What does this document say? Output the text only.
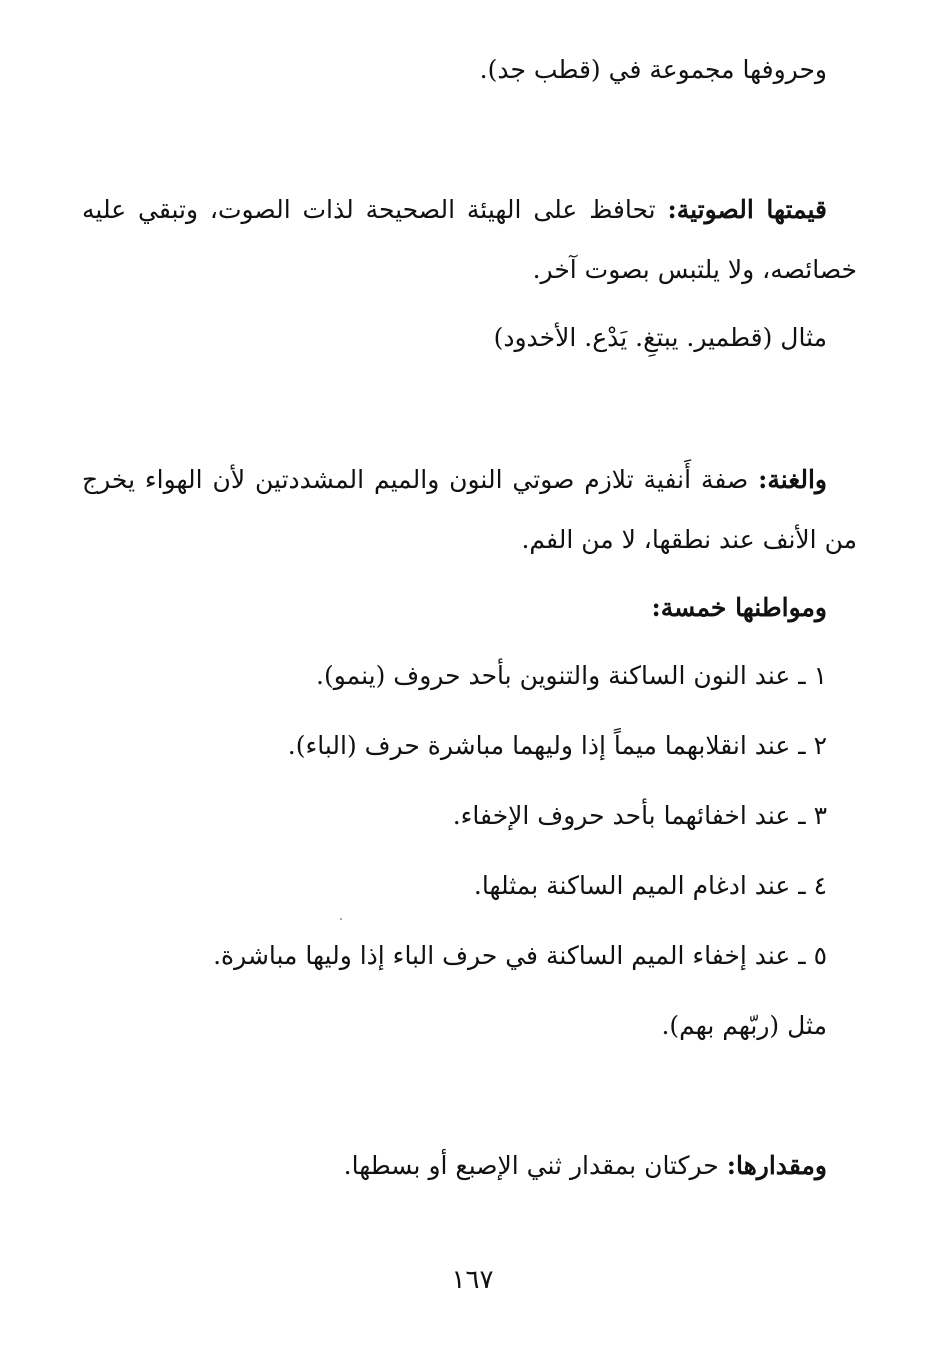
وحروفها مجموعة في (قطب جد).
قيمتها الصوتية: تحافظ على الهيئة الصحيحة لذات الصوت، وتبقي عليه
خصائصه، ولا يلتبس بصوت آخر.
مثال (قطمير. يبتغِ. يَدْع. الأخدود)
والغنة: صفة أَنفية تلازم صوتي النون والميم المشددتين لأن الهواء يخرج
من الأنف عند نطقها، لا من الفم.
ومواطنها خمسة:
١ ـ عند النون الساكنة والتنوين بأحد حروف (ينمو).
٢ ـ عند انقلابهما ميماً إذا وليهما مباشرة حرف (الباء).
٣ ـ عند اخفائهما بأحد حروف الإخفاء.
٤ ـ عند ادغام الميم الساكنة بمثلها.
٥ ـ عند إخفاء الميم الساكنة في حرف الباء إذا وليها مباشرة.
مثل (ربّهم بهم).
ومقدارها: حركتان بمقدار ثني الإصبع أو بسطها.
١٦٧
